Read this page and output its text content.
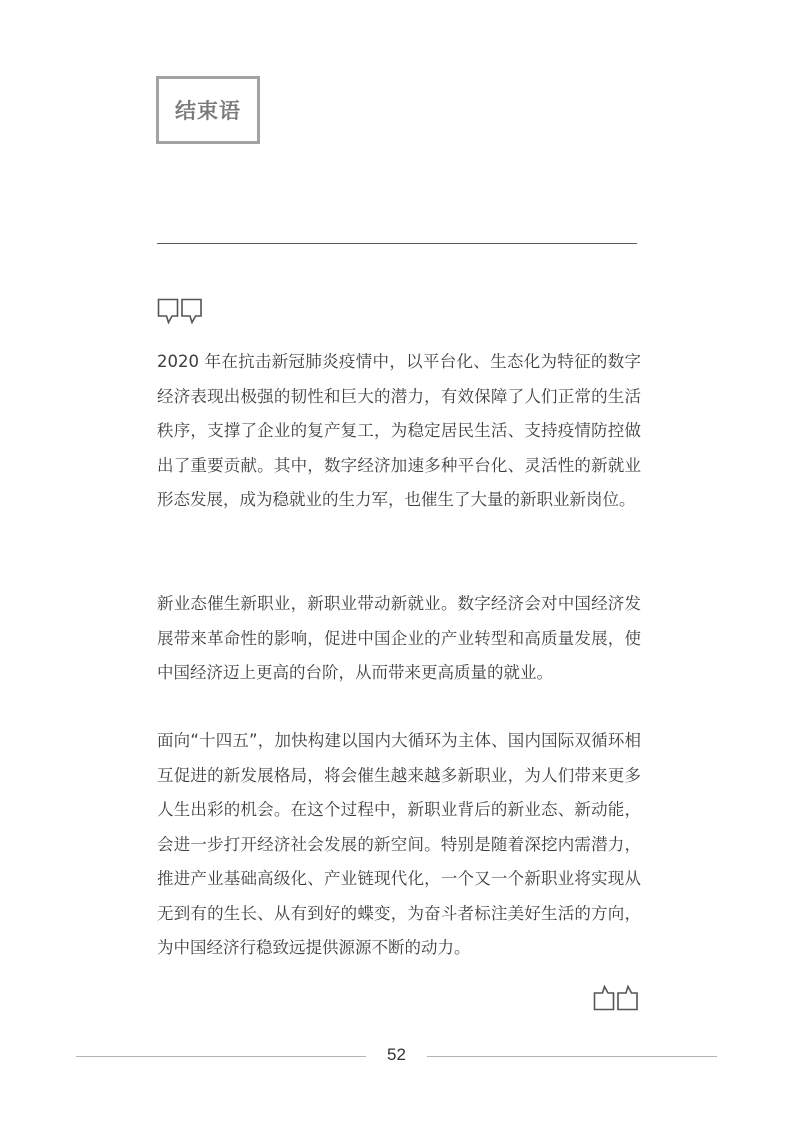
结束语

2020 年在抗击新冠肺炎疫情中，以平台化、生态化为特征的数字经济表现出极强的韧性和巨大的潜力，有效保障了人们正常的生活秩序，支撑了企业的复产复工，为稳定居民生活、支持疫情防控做出了重要贡献。其中，数字经济加速多种平台化、灵活性的新就业形态发展，成为稳就业的生力军，也催生了大量的新职业新岗位。

新业态催生新职业，新职业带动新就业。数字经济会对中国经济发展带来革命性的影响，促进中国企业的产业转型和高质量发展，使中国经济迈上更高的台阶，从而带来更高质量的就业。

面向“十四五”，加快构建以国内大循环为主体、国内国际双循环相互促进的新发展格局，将会催生越来越多新职业，为人们带来更多人生出彩的机会。在这个过程中，新职业背后的新业态、新动能，会进一步打开经济社会发展的新空间。特别是随着深挖内需潜力，推进产业基础高级化、产业链现代化，一个又一个新职业将实现从无到有的生长、从有到好的蝶变，为奋斗者标注美好生活的方向，为中国经济行稳致远提供源源不断的动力。

52
